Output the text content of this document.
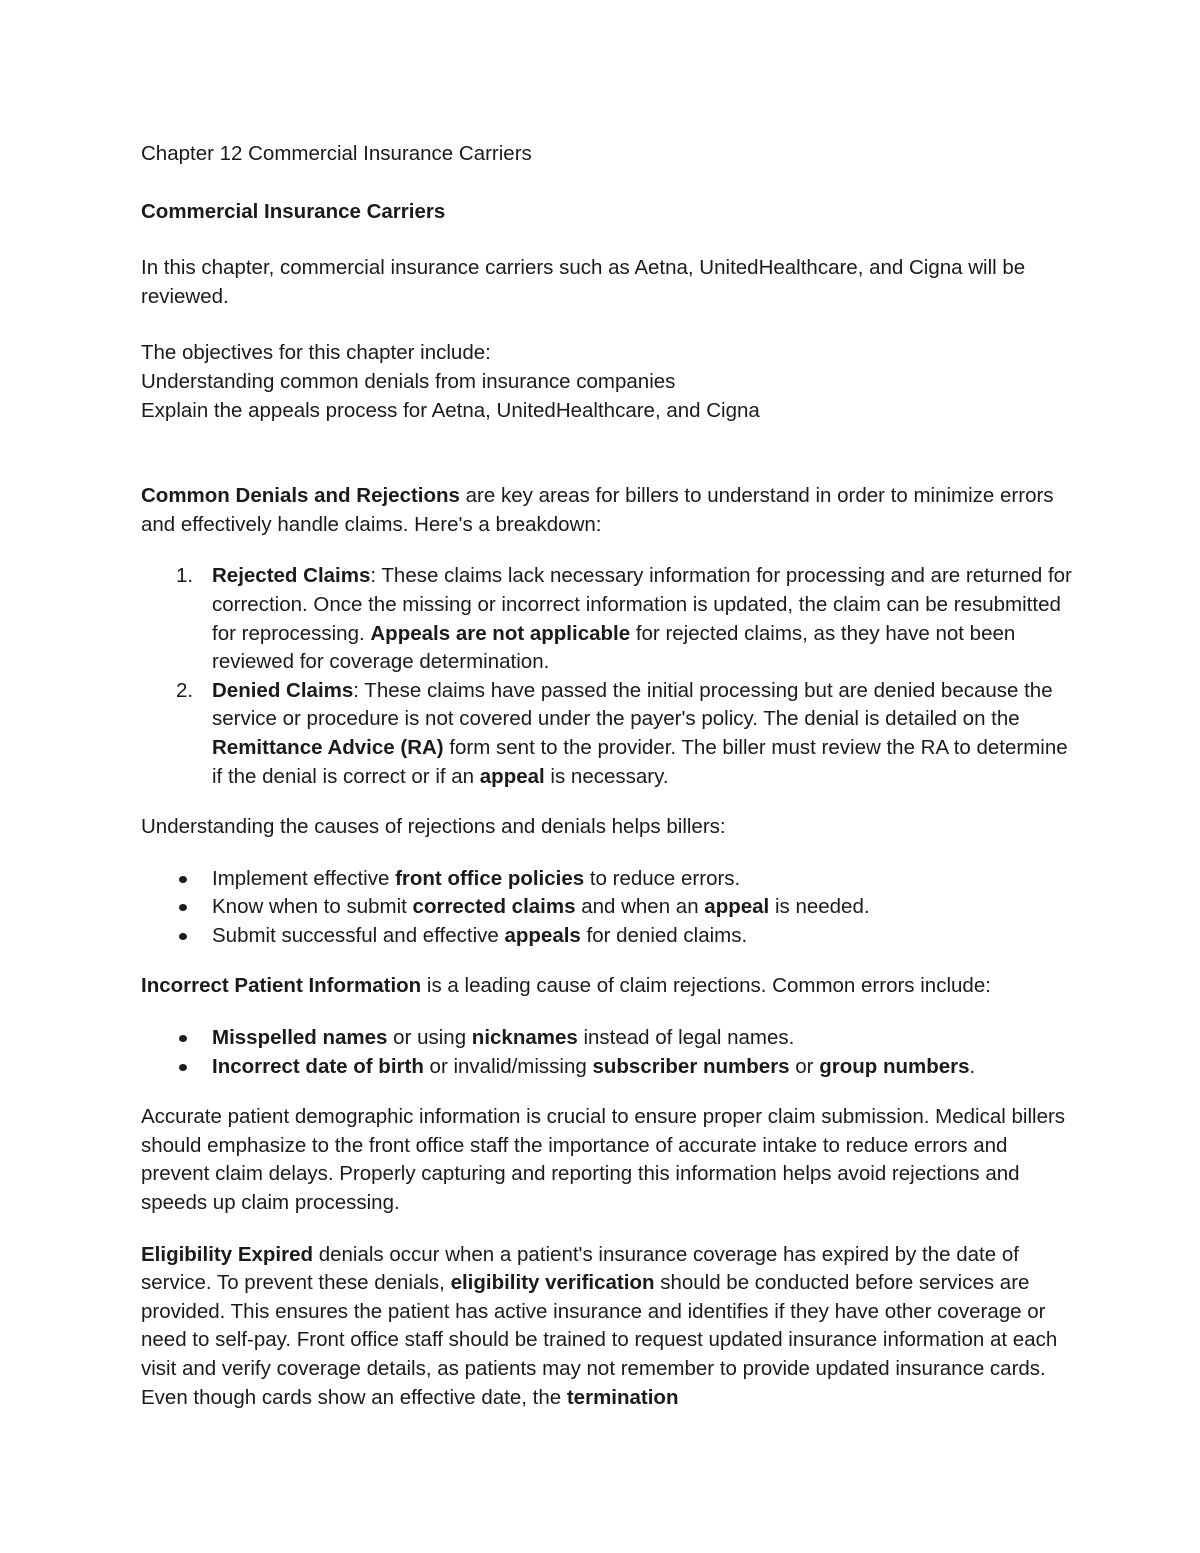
Chapter 12 Commercial Insurance Carriers

Commercial Insurance Carriers

In this chapter, commercial insurance carriers such as Aetna, UnitedHealthcare, and Cigna will be reviewed.

The objectives for this chapter include:

Understanding common denials from insurance companies

Explain the appeals process for Aetna, UnitedHealthcare, and Cigna

Common Denials and Rejections are key areas for billers to understand in order to minimize errors and effectively handle claims. Here's a breakdown:

1. Rejected Claims: These claims lack necessary information for processing and are returned for correction. Once the missing or incorrect information is updated, the claim can be resubmitted for reprocessing. Appeals are not applicable for rejected claims, as they have not been reviewed for coverage determination.
2. Denied Claims: These claims have passed the initial processing but are denied because the service or procedure is not covered under the payer's policy. The denial is detailed on the Remittance Advice (RA) form sent to the provider. The biller must review the RA to determine if the denial is correct or if an appeal is necessary.

Understanding the causes of rejections and denials helps billers:

Implement effective front office policies to reduce errors.
Know when to submit corrected claims and when an appeal is needed.
Submit successful and effective appeals for denied claims.

Incorrect Patient Information is a leading cause of claim rejections. Common errors include:

Misspelled names or using nicknames instead of legal names.
Incorrect date of birth or invalid/missing subscriber numbers or group numbers.

Accurate patient demographic information is crucial to ensure proper claim submission. Medical billers should emphasize to the front office staff the importance of accurate intake to reduce errors and prevent claim delays. Properly capturing and reporting this information helps avoid rejections and speeds up claim processing.

Eligibility Expired denials occur when a patient's insurance coverage has expired by the date of service. To prevent these denials, eligibility verification should be conducted before services are provided. This ensures the patient has active insurance and identifies if they have other coverage or need to self-pay. Front office staff should be trained to request updated insurance information at each visit and verify coverage details, as patients may not remember to provide updated insurance cards. Even though cards show an effective date, the termination
